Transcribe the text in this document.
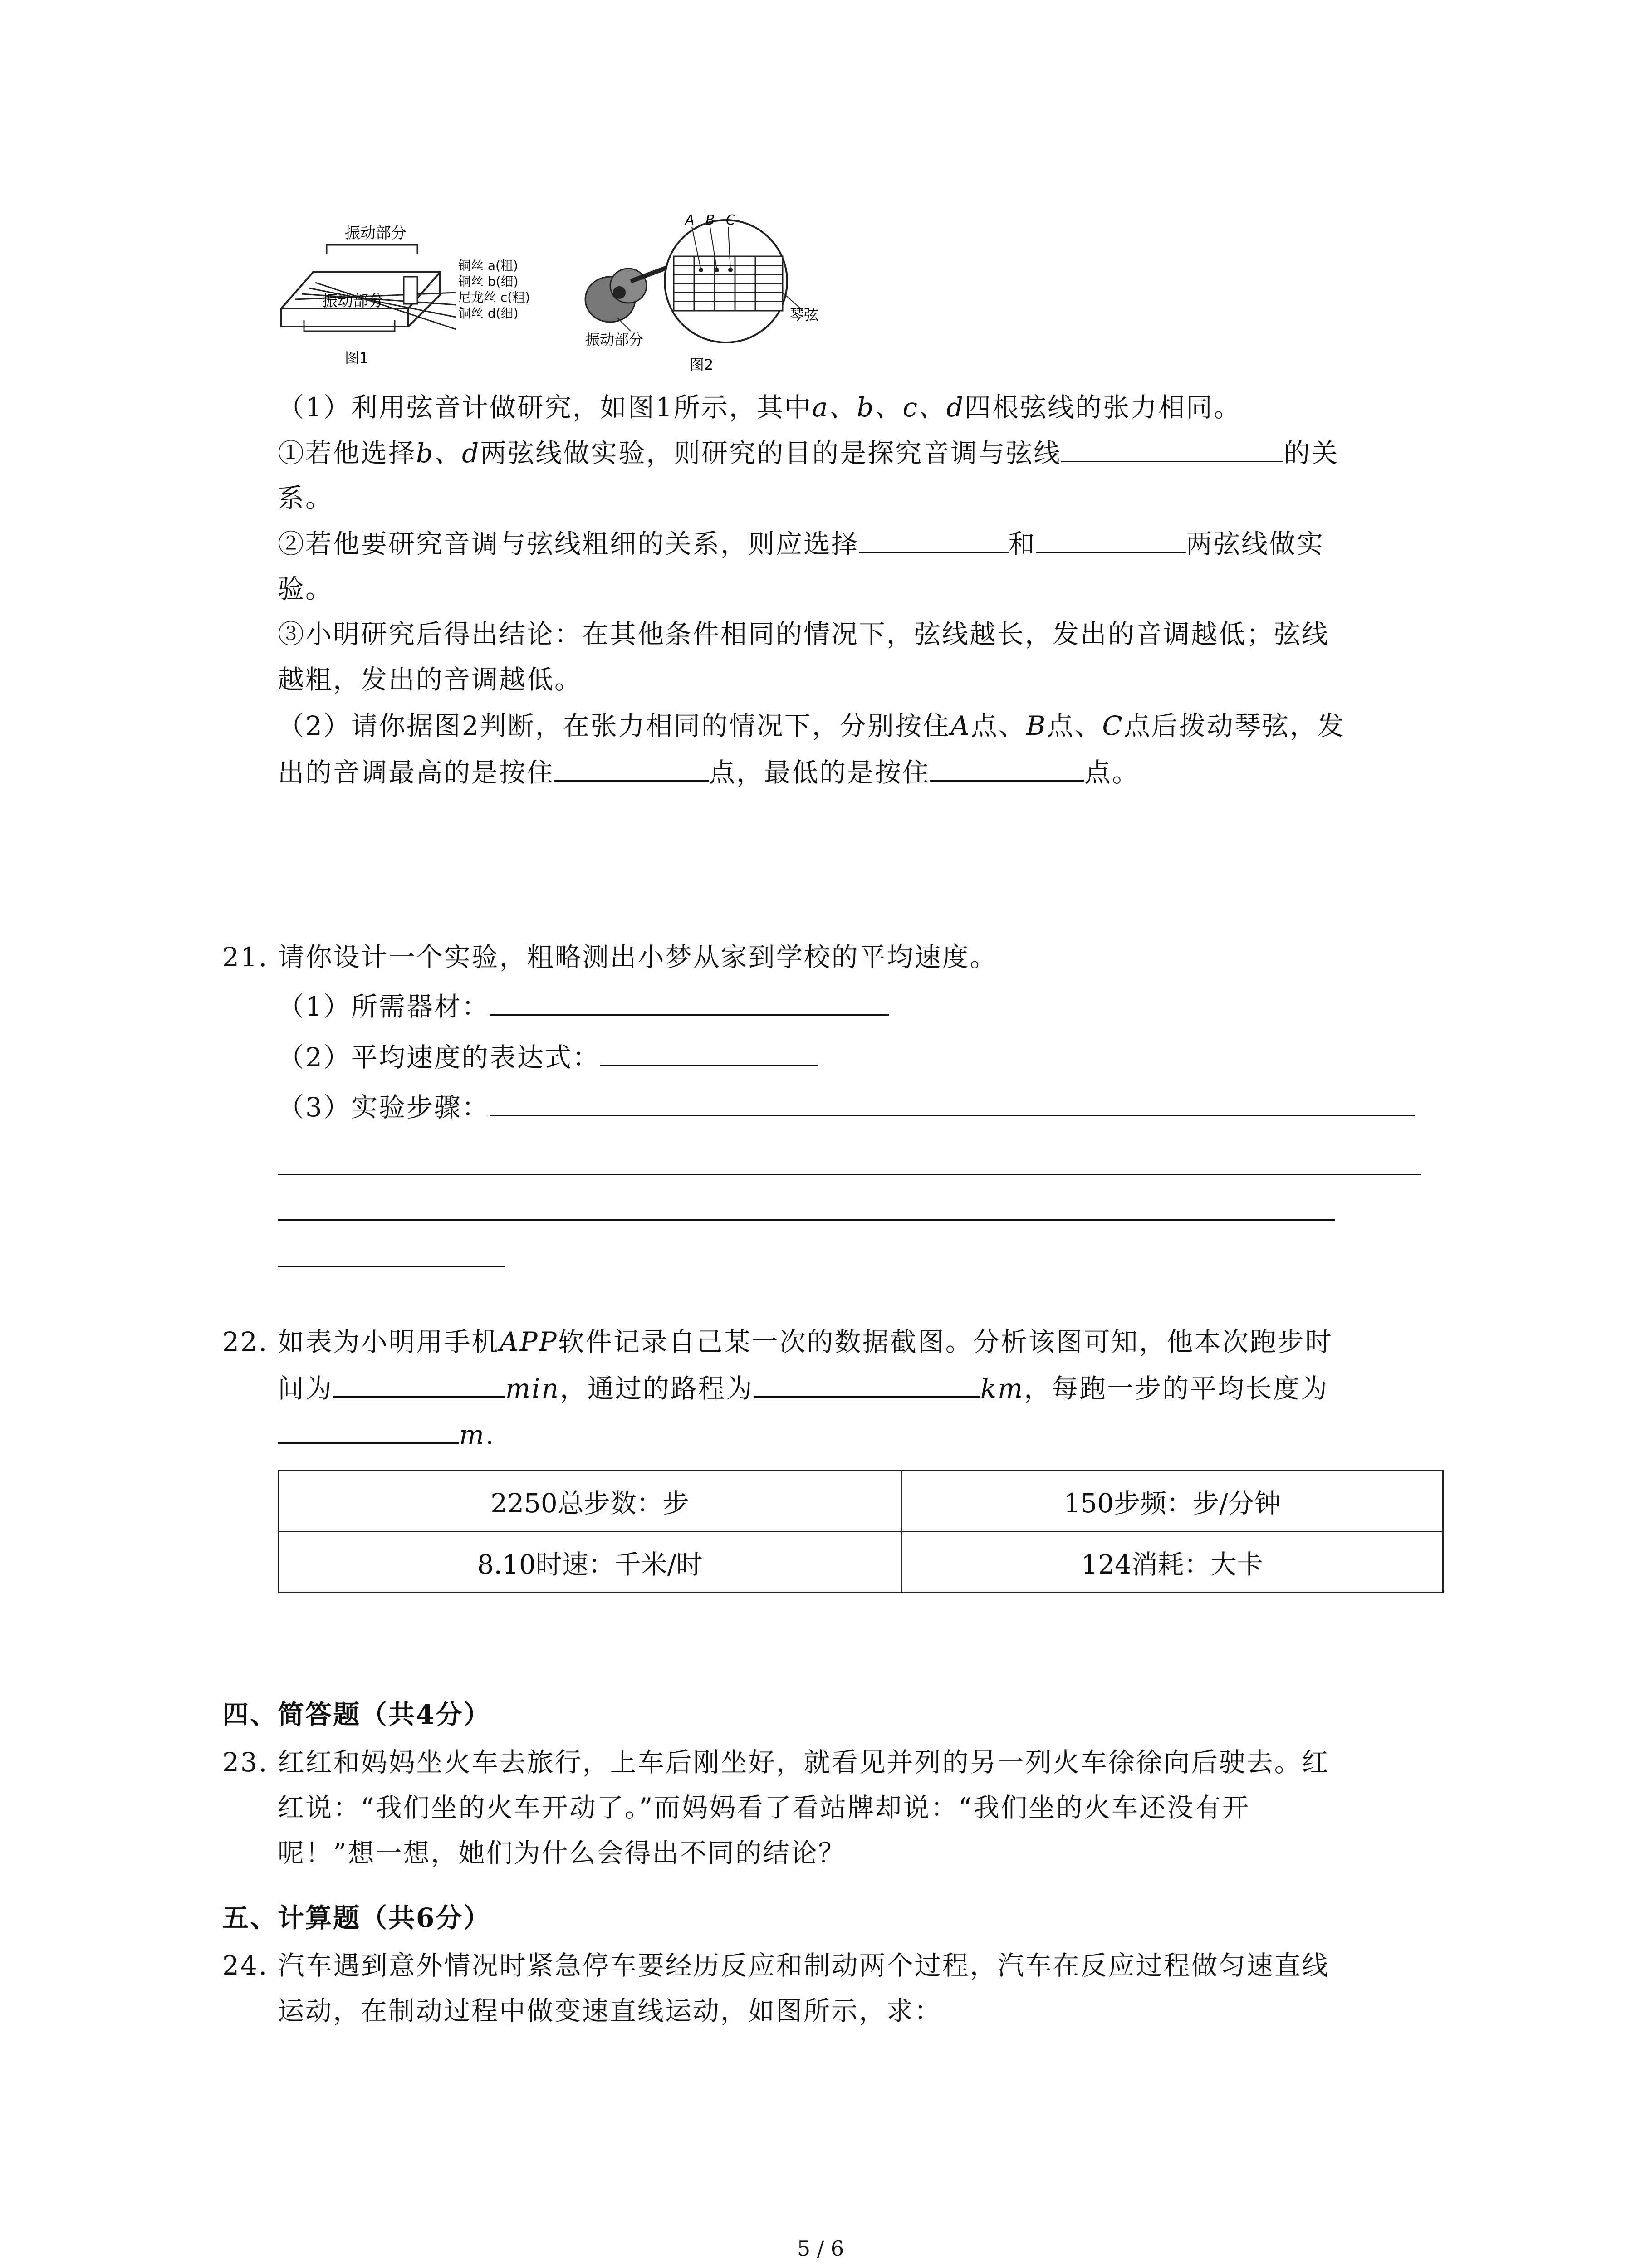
振动部分
振动部分
铜丝 a(粗)
铜丝 b(细)
尼龙丝 c(粗)
铜丝 d(细)
图1
A B C
琴弦
振动部分
图2
（1）利用弦音计做研究，如图1所示，其中a、b、c、d四根弦线的张力相同。
①若他选择b、d两弦线做实验，则研究的目的是探究音调与弦线	的关
系。
②若他要研究音调与弦线粗细的关系，则应选择	和	两弦线做实
验。
③小明研究后得出结论：在其他条件相同的情况下，弦线越长，发出的音调越低；弦线
越粗，发出的音调越低。
（2）请你据图2判断，在张力相同的情况下，分别按住A点、B点、C点后拨动琴弦，发
出的音调最高的是按住	点，最低的是按住	点。
21. 请你设计一个实验，粗略测出小梦从家到学校的平均速度。
（1）所需器材：
（2）平均速度的表达式：
（3）实验步骤：
22. 如表为小明用手机APP软件记录自己某一次的数据截图。分析该图可知，他本次跑步时
间为	min，通过的路程为	km，每跑一步的平均长度为
m.
2250总步数：步	150步频：步/分钟
8.10时速：千米/时	124消耗：大卡
四、简答题（共4分）
23. 红红和妈妈坐火车去旅行，上车后刚坐好，就看见并列的另一列火车徐徐向后驶去。红
红说：“我们坐的火车开动了。”而妈妈看了看站牌却说：“我们坐的火车还没有开
呢！”想一想，她们为什么会得出不同的结论？
五、计算题（共6分）
24. 汽车遇到意外情况时紧急停车要经历反应和制动两个过程，汽车在反应过程做匀速直线
运动，在制动过程中做变速直线运动，如图所示，求：
5 / 6
